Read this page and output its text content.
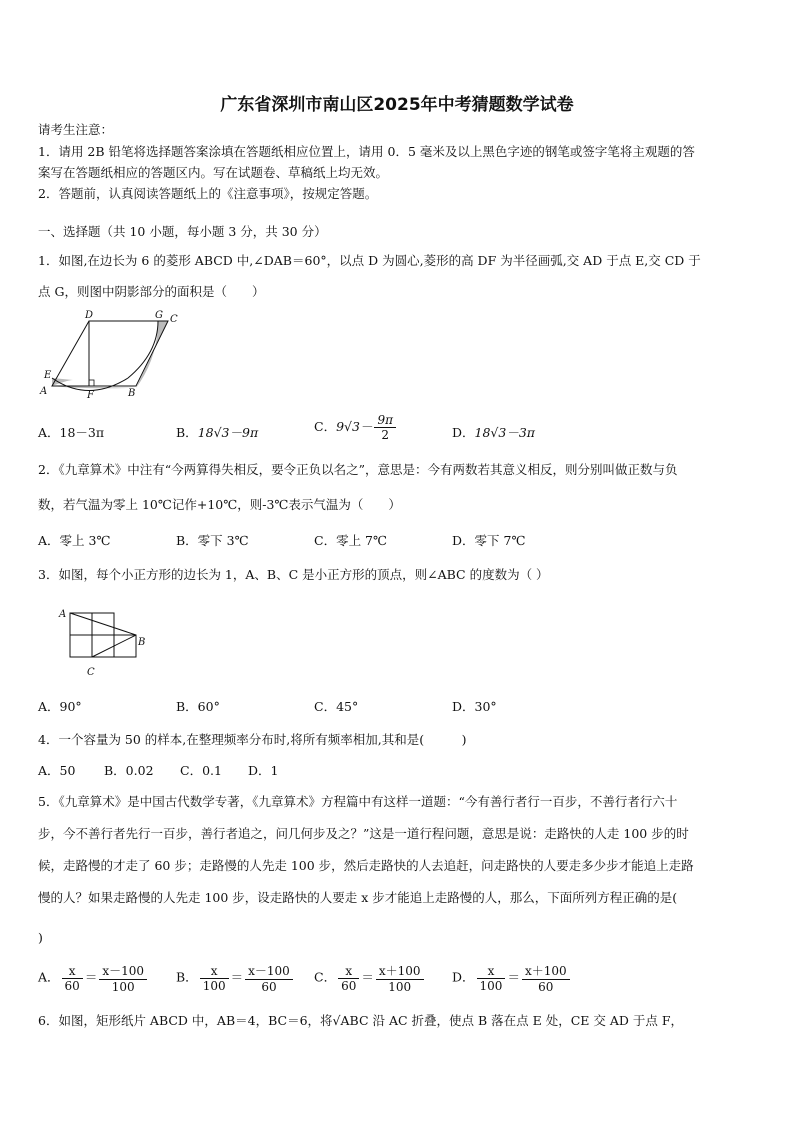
广东省深圳市南山区2025年中考猜题数学试卷
请考生注意：
1．请用 2B 铅笔将选择题答案涂填在答题纸相应位置上，请用 0．5 毫米及以上黑色字迹的钢笔或签字笔将主观题的答
案写在答题纸相应的答题区内。写在试题卷、草稿纸上均无效。
2．答题前，认真阅读答题纸上的《注意事项》，按规定答题。
一、选择题（共 10 小题，每小题 3 分，共 30 分）
1．如图,在边长为 6 的菱形 ABCD 中,∠DAB＝60°，以点 D 为圆心,菱形的高 DF 为半径画弧,交 AD 于点 E,交 CD 于
点 G，则图中阴影部分的面积是（　　）
D	G C
E
A	F	B
A．18－3π	B．18√3－9π	C．$9√3- \frac{9\pi}{2}$	D．18√3－3π
2．《九章算术》中注有“今两算得失相反，要令正负以名之”，意思是：今有两数若其意义相反，则分别叫做正数与负
数，若气温为零上 10℃记作+10℃，则-3℃表示气温为（　　）
A．零上 3℃	B．零下 3℃	C．零上 7℃	D．零下 7℃
3．如图，每个小正方形的边长为 1，A、B、C 是小正方形的顶点，则∠ABC 的度数为（ ）
A
B
C
A．90°	B．60°	C．45°	D．30°
4．一个容量为 50 的样本,在整理频率分布时,将所有频率相加,其和是(　　　)
A．50 B．0.02 C．0.1 D．1
5．《九章算术》是中国古代数学专著，《九章算术》方程篇中有这样一道题：“今有善行者行一百步，不善行者行六十
步，今不善行者先行一百步，善行者追之，问几何步及之？”这是一道行程问题，意思是说：走路快的人走 100 步的时
候，走路慢的才走了 60 步；走路慢的人先走 100 步，然后走路快的人去追赶，问走路快的人要走多少步才能追上走路
慢的人？如果走路慢的人先走 100 步，设走路快的人要走 x 步才能追上走路慢的人，那么，下面所列方程正确的是(
)
A． $\frac{x}{60} = \frac{x-100}{100}$ B． $\frac{x}{100} = \frac{x-100}{60}$ C． $\frac{x}{60} = \frac{x+100}{100}$ D． $\frac{x}{100} = \frac{x+100}{60}$
6．如图，矩形纸片 ABCD 中，AB＝4，BC＝6，将√ABC 沿 AC 折叠，使点 B 落在点 E 处，CE 交 AD 于点 F，
